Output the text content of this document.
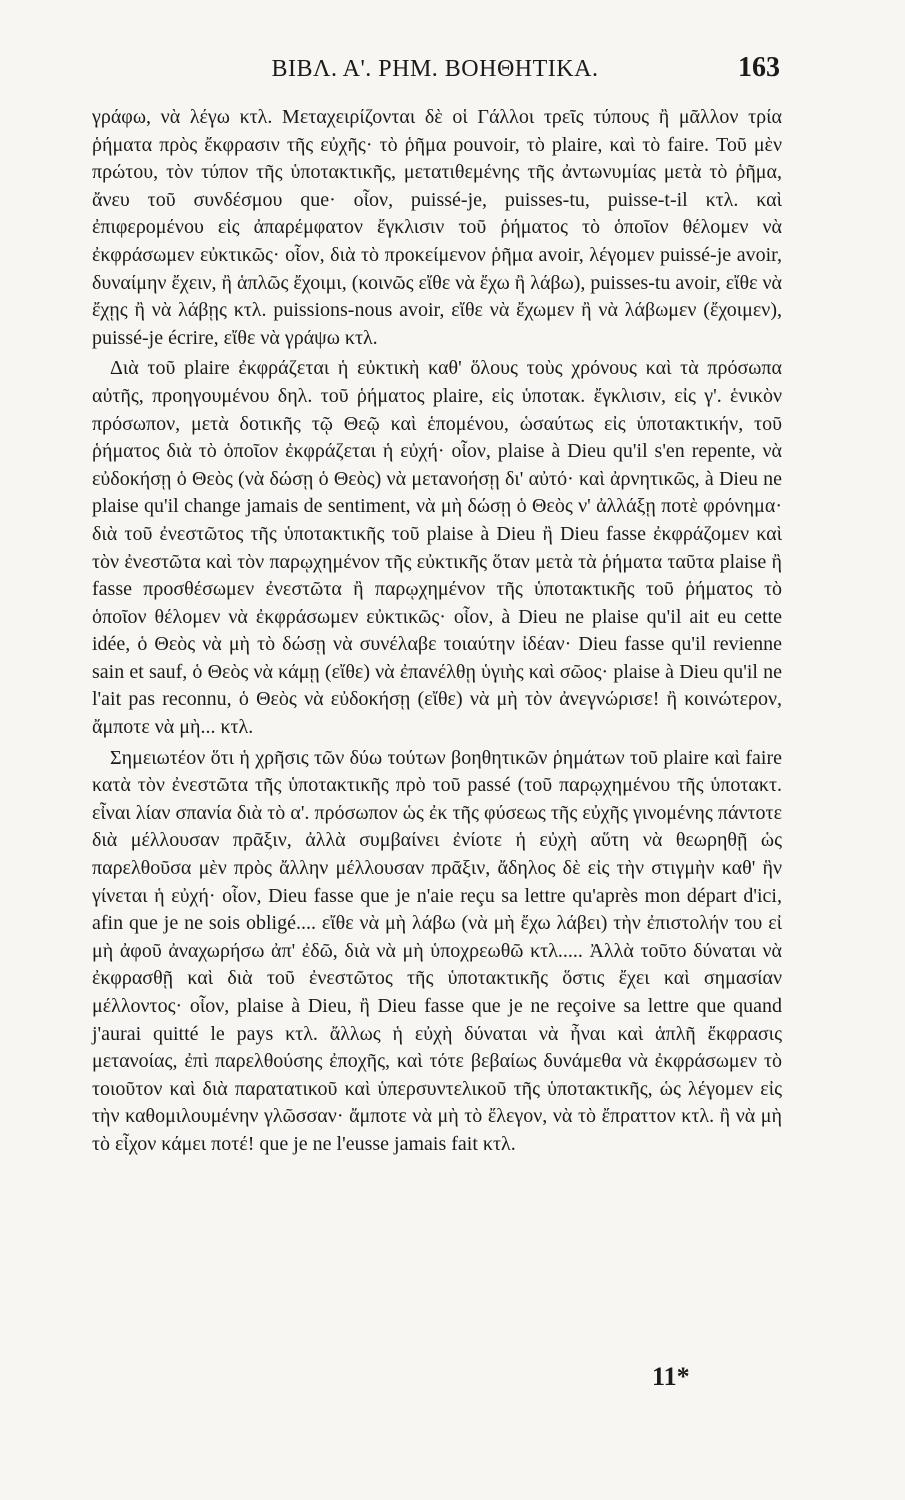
ΒΙΒΛ. Α'. ΡΗΜ. ΒΟΗΘΗΤΙΚΑ.	163

γράφω, νὰ λέγω κτλ. Μεταχειρίζονται δὲ οἱ Γάλλοι τρεῖς τύπους ἢ μᾶλλον τρία ῥήματα πρὸς ἔκφρασιν τῆς εὐχῆς· τὸ ῥῆμα pouvoir, τὸ plaire, καὶ τὸ faire. Τοῦ μὲν πρώτου, τὸν τύπον τῆς ὑποτακτικῆς, μετατιθεμένης τῆς ἀντωνυμίας μετὰ τὸ ῥῆμα, ἄνευ τοῦ συνδέσμου que· οἷον, puissé-je, puisses-tu, puisse-t-il κτλ. καὶ ἐπιφερομένου εἰς ἀπαρέμφατον ἔγκλισιν τοῦ ῥήματος τὸ ὁποῖον θέλομεν νὰ ἐκφράσωμεν εὐκτικῶς· οἷον, διὰ τὸ προκείμενον ῥῆμα avoir, λέγομεν puissé-je avoir, δυναίμην ἔχειν, ἢ ἁπλῶς ἔχοιμι, (κοινῶς εἴθε νὰ ἔχω ἢ λάβω), puisses-tu avoir, εἴθε νὰ ἔχῃς ἢ νὰ λάβῃς κτλ. puissions-nous avoir, εἴθε νὰ ἔχωμεν ἢ νὰ λάβωμεν (ἔχοιμεν), puissé-je écrire, εἴθε νὰ γράψω κτλ.

Διὰ τοῦ plaire ἐκφράζεται ἡ εὐκτικὴ καθ' ὅλους τοὺς χρόνους καὶ τὰ πρόσωπα αὐτῆς, προηγουμένου δηλ. τοῦ ῥήματος plaire, εἰς ὑποτακ. ἔγκλισιν, εἰς γ'. ἑνικὸν πρόσωπον, μετὰ δοτικῆς τῷ Θεῷ καὶ ἑπομένου, ὡσαύτως εἰς ὑποτακτικήν, τοῦ ῥήματος διὰ τὸ ὁποῖον ἐκφράζεται ἡ εὐχή· οἷον, plaise à Dieu qu'il s'en repente, νὰ εὐδοκήσῃ ὁ Θεὸς (νὰ δώσῃ ὁ Θεὸς) νὰ μετανοήσῃ δι' αὐτό· καὶ ἀρνητικῶς, à Dieu ne plaise qu'il change jamais de sentiment, νὰ μὴ δώσῃ ὁ Θεὸς ν' ἀλλάξῃ ποτὲ φρόνημα· διὰ τοῦ ἐνεστῶτος τῆς ὑποτακτικῆς τοῦ plaise à Dieu ἢ Dieu fasse ἐκφράζομεν καὶ τὸν ἐνεστῶτα καὶ τὸν παρῳχημένον τῆς εὐκτικῆς ὅταν μετὰ τὰ ῥήματα ταῦτα plaise ἢ fasse προσθέσωμεν ἐνεστῶτα ἢ παρῳχημένον τῆς ὑποτακτικῆς τοῦ ῥήματος τὸ ὁποῖον θέλομεν νὰ ἐκφράσωμεν εὐκτικῶς· οἷον, à Dieu ne plaise qu'il ait eu cette idée, ὁ Θεὸς νὰ μὴ τὸ δώσῃ νὰ συνέλαβε τοιαύτην ἰδέαν· Dieu fasse qu'il revienne sain et sauf, ὁ Θεὸς νὰ κάμῃ (εἴθε) νὰ ἐπανέλθῃ ὑγιὴς καὶ σῶος· plaise à Dieu qu'il ne l'ait pas reconnu, ὁ Θεὸς νὰ εὐδοκήσῃ (εἴθε) νὰ μὴ τὸν ἀνεγνώρισε! ἢ κοινώτερον, ἄμποτε νὰ μὴ... κτλ.

Σημειωτέον ὅτι ἡ χρῆσις τῶν δύω τούτων βοηθητικῶν ῥημάτων τοῦ plaire καὶ faire κατὰ τὸν ἐνεστῶτα τῆς ὑποτακτικῆς πρὸ τοῦ passé (τοῦ παρῳχημένου τῆς ὑποτακτ. εἶναι λίαν σπανία διὰ τὸ α'. πρόσωπον ὡς ἐκ τῆς φύσεως τῆς εὐχῆς γινομένης πάντοτε διὰ μέλλουσαν πρᾶξιν, ἀλλὰ συμβαίνει ἐνίοτε ἡ εὐχὴ αὕτη νὰ θεωρηθῇ ὡς παρελθοῦσα μὲν πρὸς ἄλλην μέλλουσαν πρᾶξιν, ἄδηλος δὲ εἰς τὴν στιγμὴν καθ' ἣν γίνεται ἡ εὐχή· οἷον, Dieu fasse que je n'aie reçu sa lettre qu'après mon départ d'ici, afin que je ne sois obligé.... εἴθε νὰ μὴ λάβω (νὰ μὴ ἔχω λάβει) τὴν ἐπιστολήν του εἰ μὴ ἀφοῦ ἀναχωρήσω ἀπ' ἐδῶ, διὰ νὰ μὴ ὑποχρεωθῶ κτλ..... Ἀλλὰ τοῦτο δύναται νὰ ἐκφρασθῇ καὶ διὰ τοῦ ἐνεστῶτος τῆς ὑποτακτικῆς ὅστις ἔχει καὶ σημασίαν μέλλοντος· οἷον, plaise à Dieu, ἢ Dieu fasse que je ne reçoive sa lettre que quand j'aurai quitté le pays κτλ. ἄλλως ἡ εὐχὴ δύναται νὰ ἦναι καὶ ἁπλῆ ἔκφρασις μετανοίας, ἐπὶ παρελθούσης ἐποχῆς, καὶ τότε βεβαίως δυνάμεθα νὰ ἐκφράσωμεν τὸ τοιοῦτον καὶ διὰ παρατατικοῦ καὶ ὑπερσυντελικοῦ τῆς ὑποτακτικῆς, ὡς λέγομεν εἰς τὴν καθομιλουμένην γλῶσσαν· ἄμποτε νὰ μὴ τὸ ἔλεγον, νὰ τὸ ἔπραττον κτλ. ἢ νὰ μὴ τὸ εἶχον κάμει ποτέ! que je ne l'eusse jamais fait κτλ.

11*
